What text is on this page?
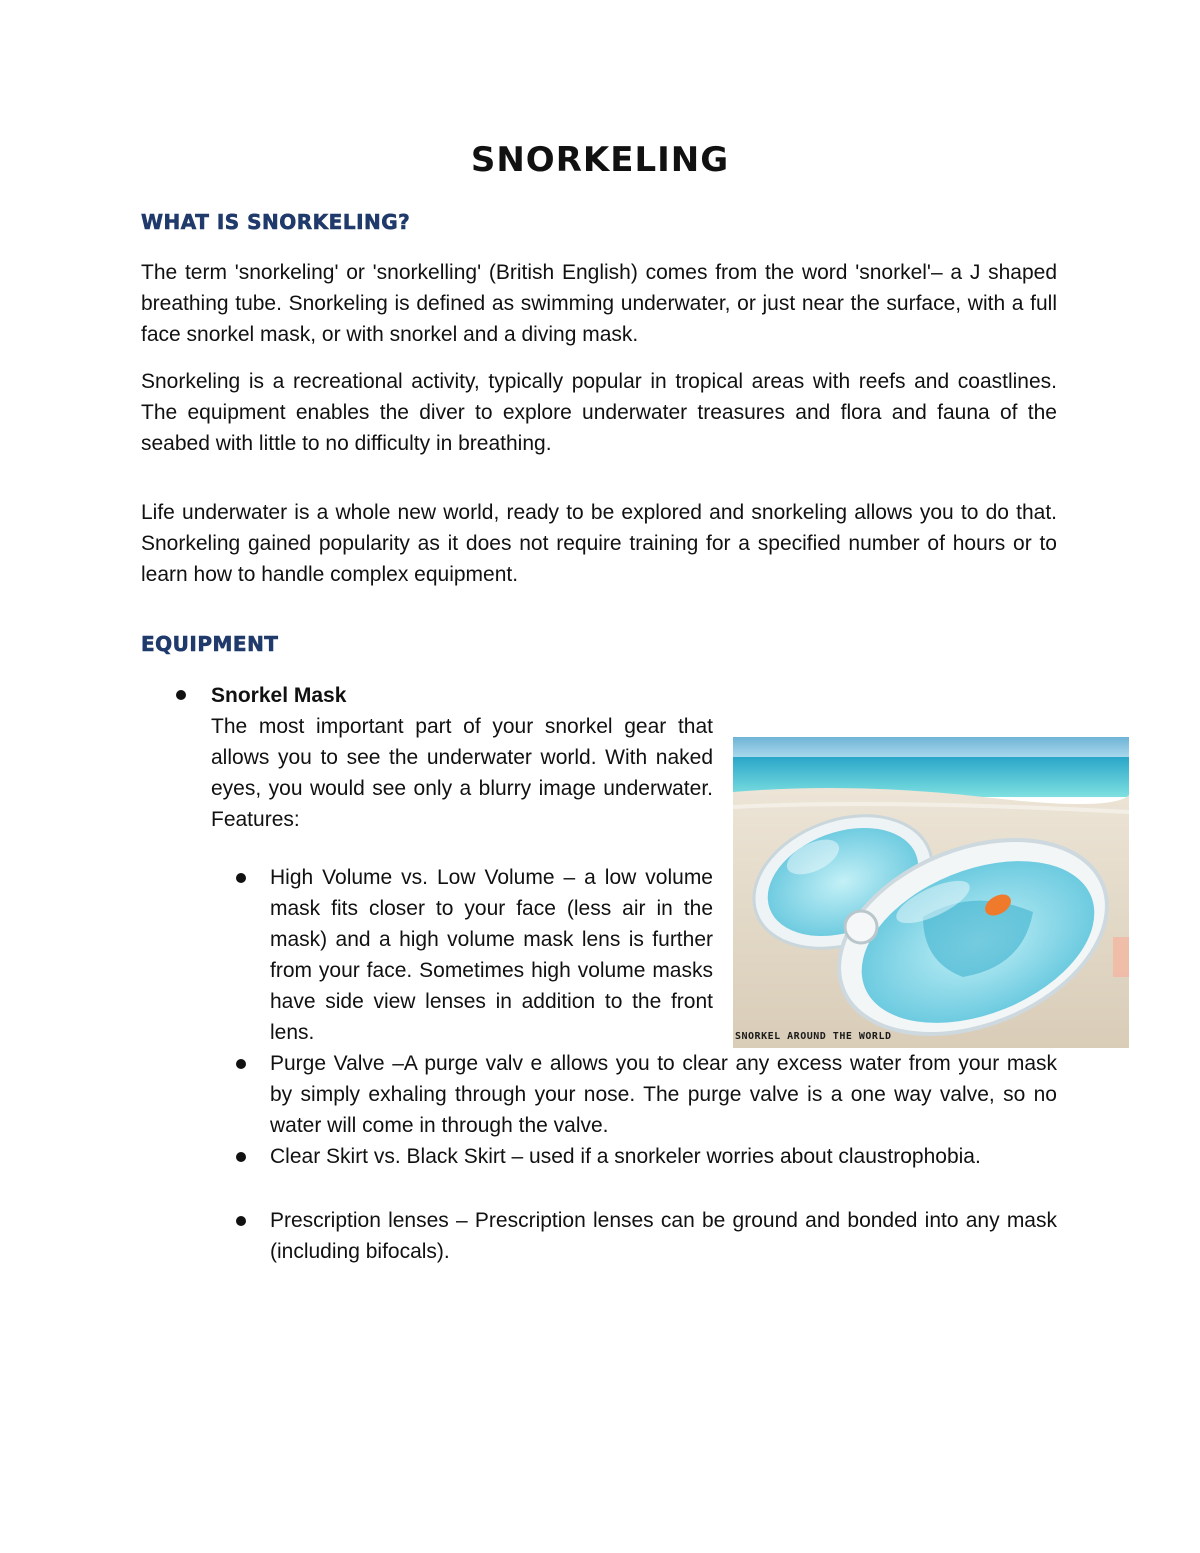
SNORKELING
WHAT IS SNORKELING?

The term 'snorkeling' or 'snorkelling' (British English) comes from the word 'snorkel'– a J shaped breathing tube. Snorkeling is defined as swimming underwater, or just near the surface, with a full face snorkel mask, or with snorkel and a diving mask.

Snorkeling is a recreational activity, typically popular in tropical areas with reefs and coastlines. The equipment enables the diver to explore underwater treasures and flora and fauna of the seabed with little to no difficulty in breathing.

Life underwater is a whole new world, ready to be explored and snorkeling allows you to do that. Snorkeling gained popularity as it does not require training for a specified number of hours or to learn how to handle complex equipment.

EQUIPMENT

Snorkel Mask

The most important part of your snorkel gear that allows you to see the underwater world. With naked eyes, you would see only a blurry image underwater. Features:

High Volume vs. Low Volume – a low volume mask fits closer to your face (less air in the mask) and a high volume mask lens is further from your face. Sometimes high volume masks have side view lenses in addition to the front lens.

Purge Valve –A purge valv e allows you to clear any excess water from your mask by simply exhaling through your nose. The purge valve is a one way valve, so no water will come in through the valve.

Clear Skirt vs. Black Skirt – used if a snorkeler worries about claustrophobia.

Prescription lenses – Prescription lenses can be ground and bonded into any mask (including bifocals).

SNORKEL AROUND THE WORLD
